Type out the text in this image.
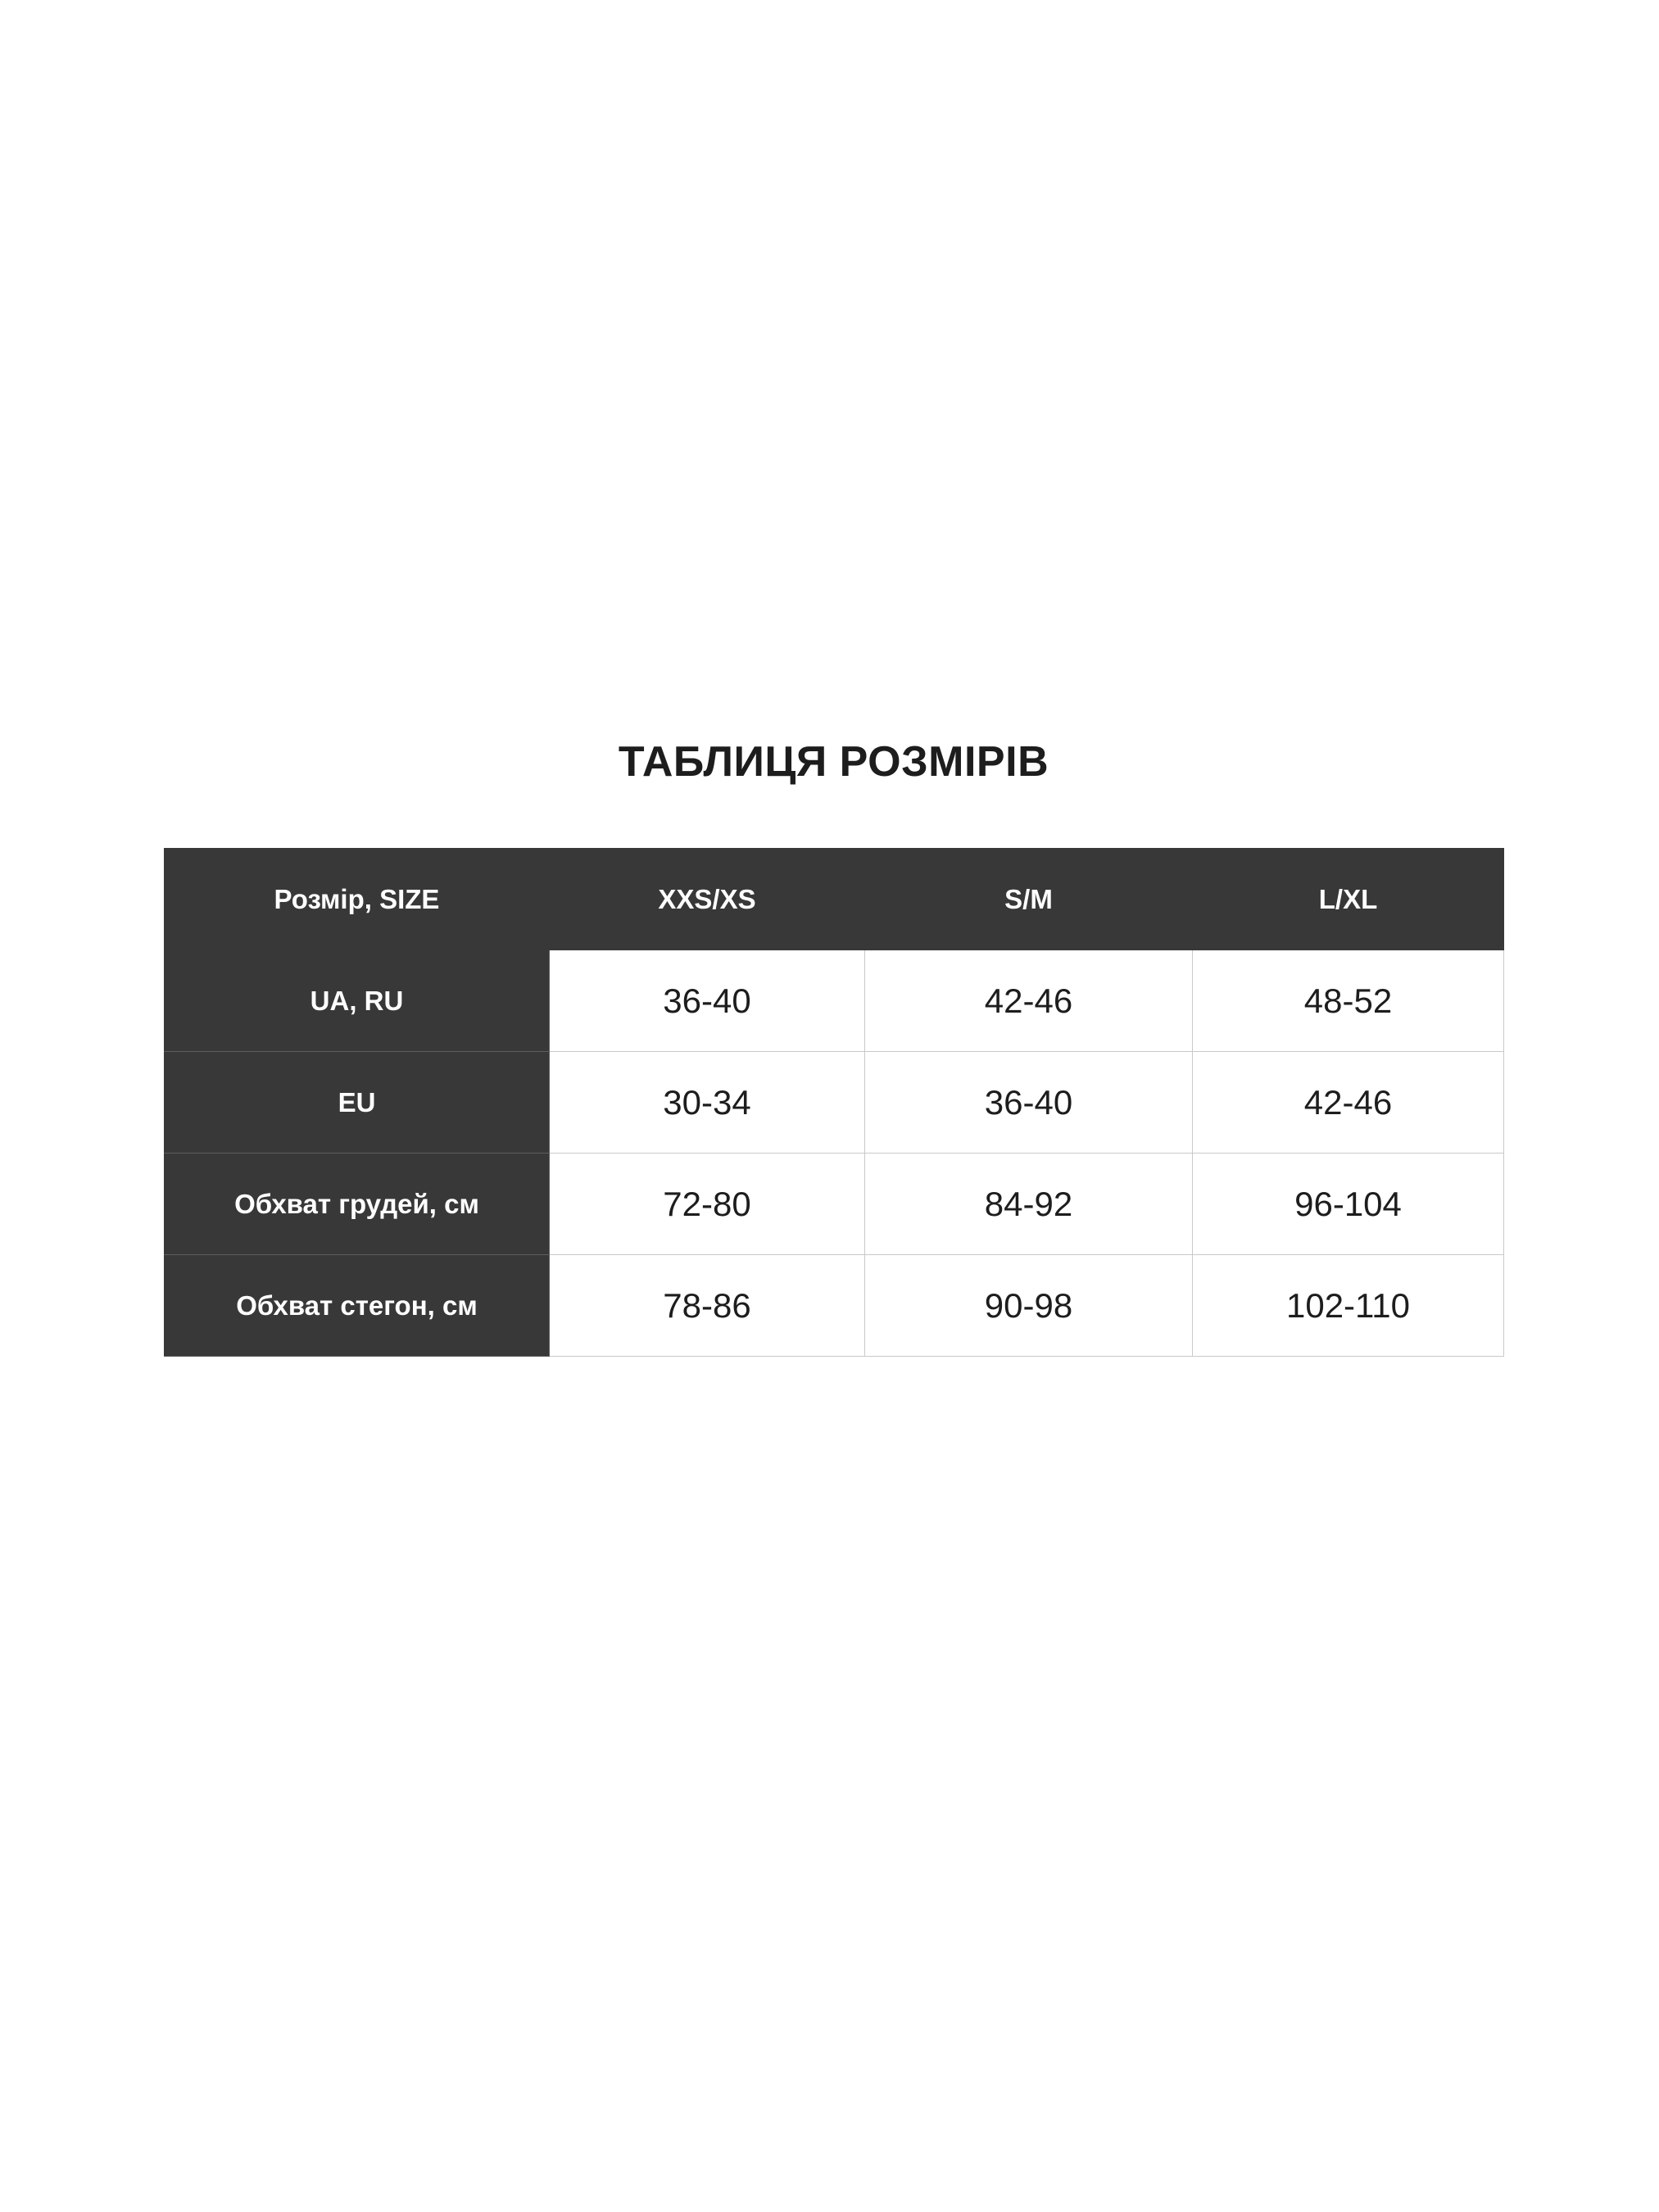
ТАБЛИЦЯ РОЗМІРІВ
Розмір, SIZE	XXS/XS	S/M	L/XL
UA, RU	36-40	42-46	48-52
EU	30-34	36-40	42-46
Обхват грудей, см	72-80	84-92	96-104
Обхват стегон, см	78-86	90-98	102-110
